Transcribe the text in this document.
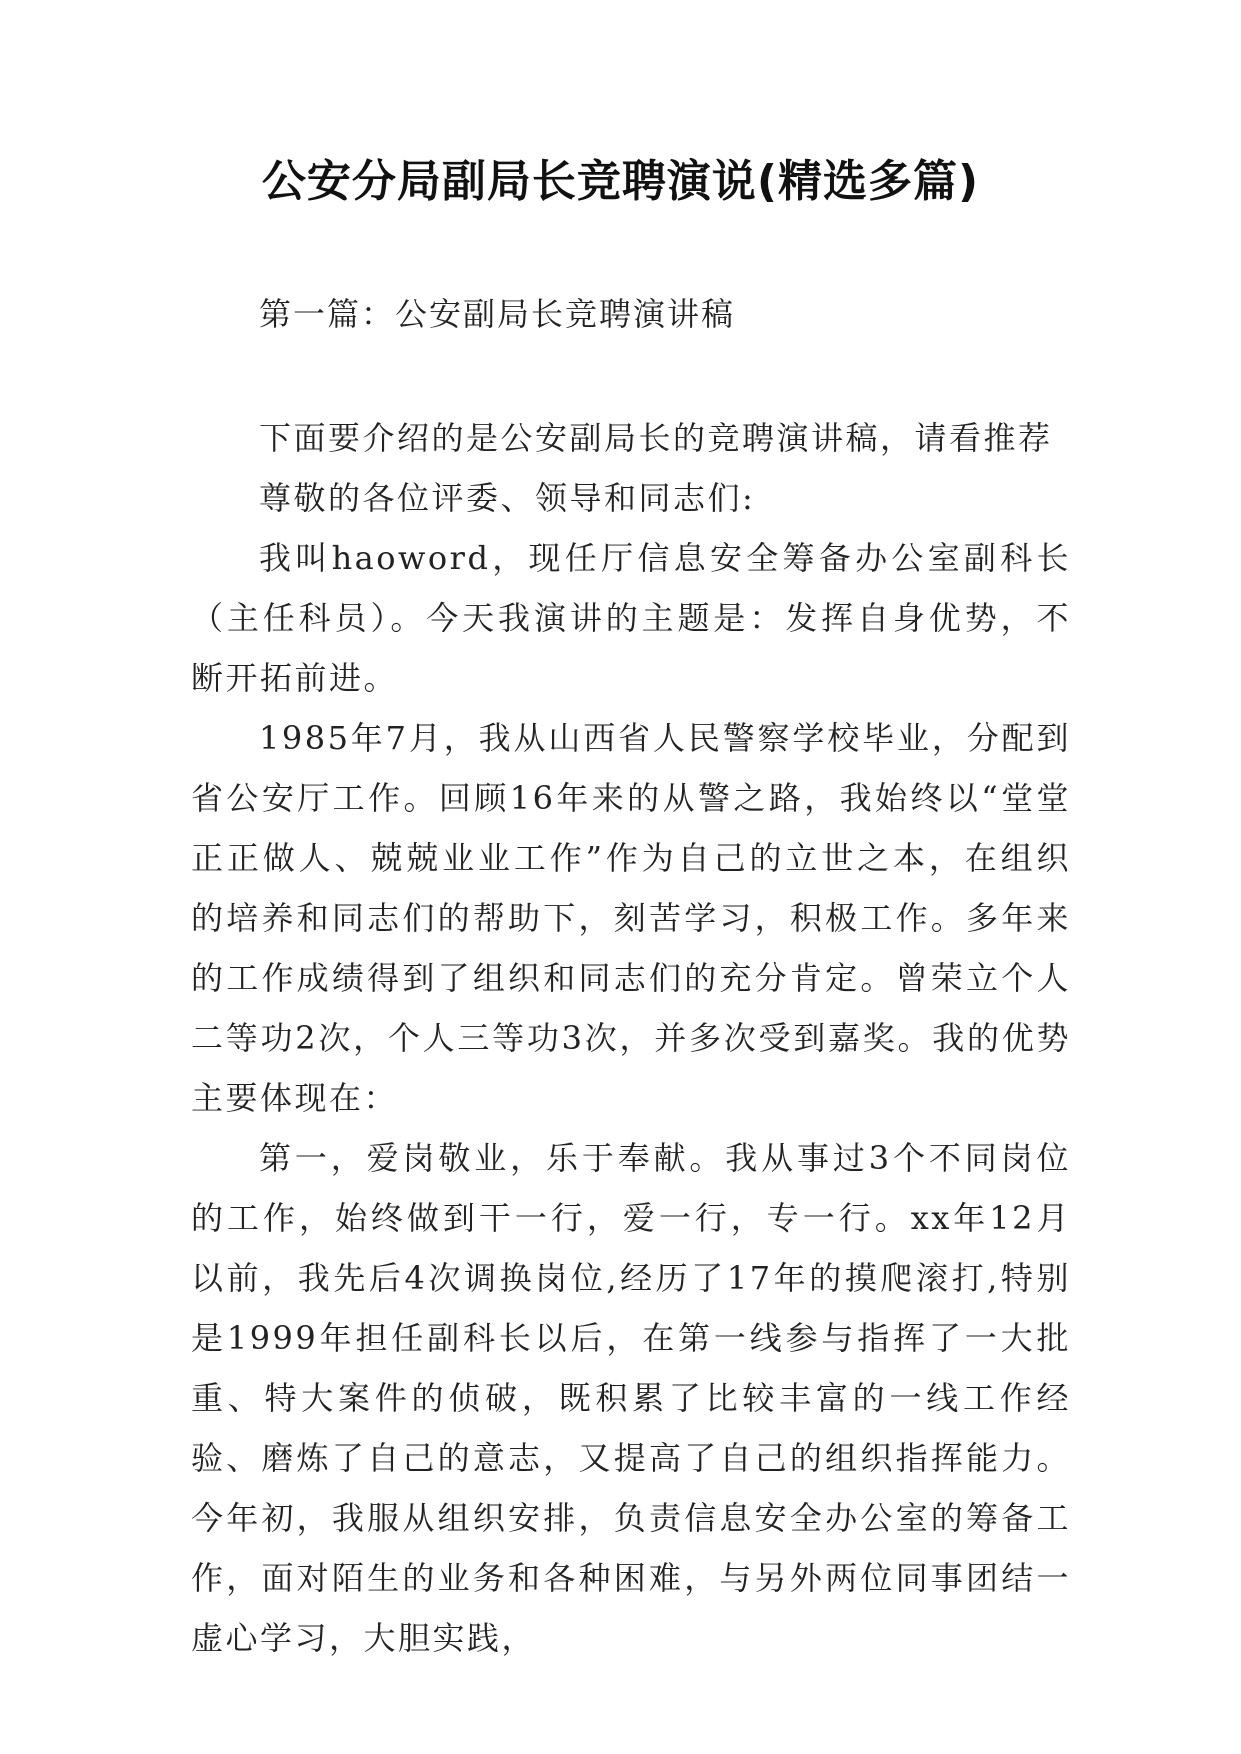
公安分局副局长竞聘演说(精选多篇)
第一篇：公安副局长竞聘演讲稿

下面要介绍的是公安副局长的竞聘演讲稿，请看推荐

尊敬的各位评委、领导和同志们:

我叫haoword，现任厅信息安全筹备办公室副科长（主任科员）。今天我演讲的主题是：发挥自身优势，不断开拓前进。

1985年7月，我从山西省人民警察学校毕业，分配到省公安厅工作。回顾16年来的从警之路，我始终以“堂堂正正做人、兢兢业业工作”作为自己的立世之本，在组织的培养和同志们的帮助下，刻苦学习，积极工作。多年来的工作成绩得到了组织和同志们的充分肯定。曾荣立个人二等功2次，个人三等功3次，并多次受到嘉奖。我的优势主要体现在：

第一，爱岗敬业，乐于奉献。我从事过3个不同岗位的工作，始终做到干一行，爱一行，专一行。xx年12月以前，我先后4次调换岗位,经历了17年的摸爬滚打,特别是1999年担任副科长以后，在第一线参与指挥了一大批重、特大案件的侦破，既积累了比较丰富的一线工作经验、磨炼了自己的意志，又提高了自己的组织指挥能力。今年初，我服从组织安排，负责信息安全办公室的筹备工作，面对陌生的业务和各种困难，与另外两位同事团结一虚心学习，大胆实践，
